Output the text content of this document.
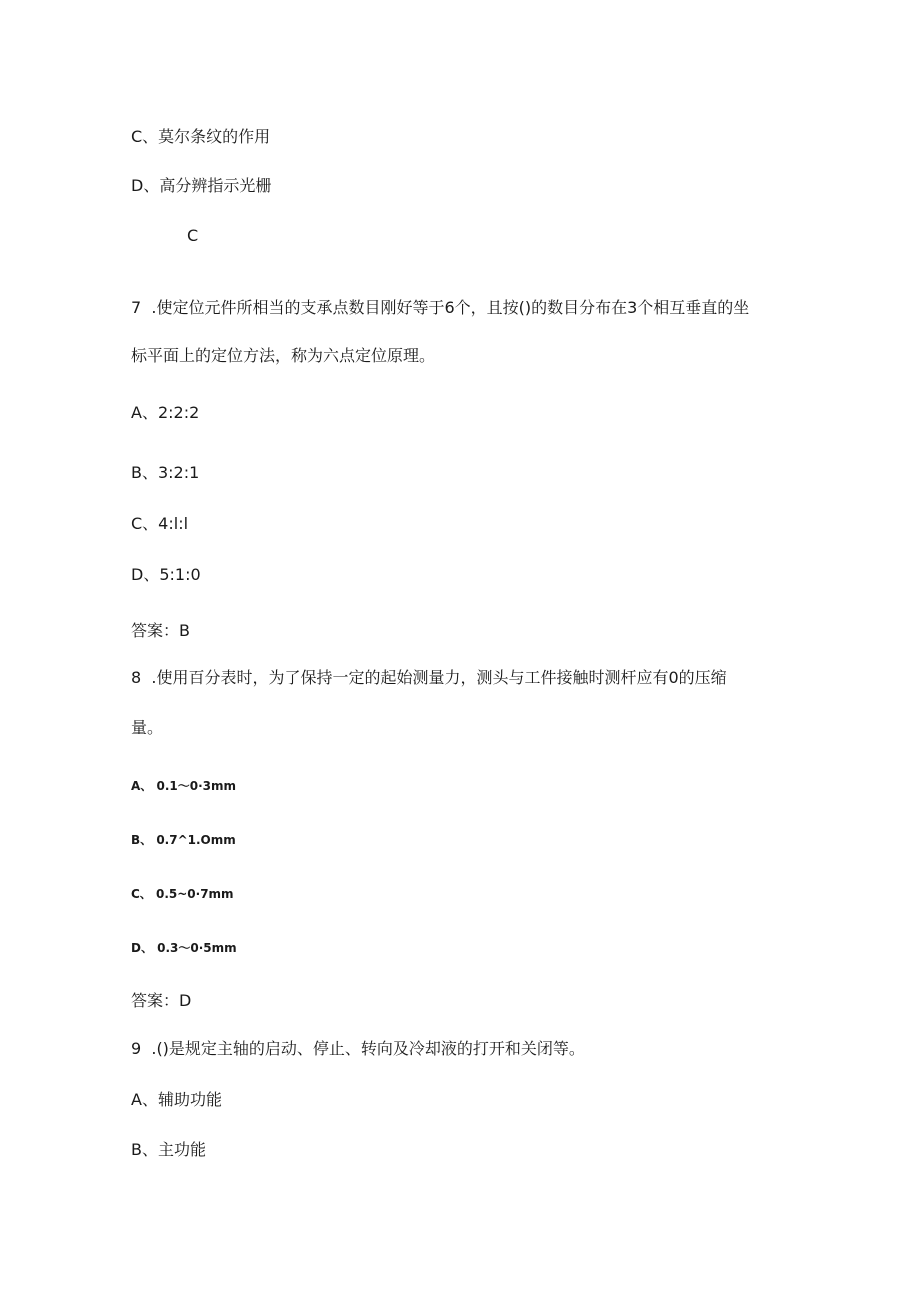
C、莫尔条纹的作用
D、高分辨指示光栅
C
7  .使定位元件所相当的支承点数目刚好等于6个，且按()的数目分布在3个相互垂直的坐
标平面上的定位方法，称为六点定位原理。
A、2:2:2
B、3:2:1
C、4:l:l
D、5:1:0
答案：B
8  .使用百分表时，为了保持一定的起始测量力，测头与工件接触时测杆应有0的压缩
量。
A、 0.1～0·3mm
B、 0.7^1.Omm
C、 0.5~0·7mm
D、 0.3～0·5mm
答案：D
9  .()是规定主轴的启动、停止、转向及冷却液的打开和关闭等。
A、辅助功能
B、主功能
